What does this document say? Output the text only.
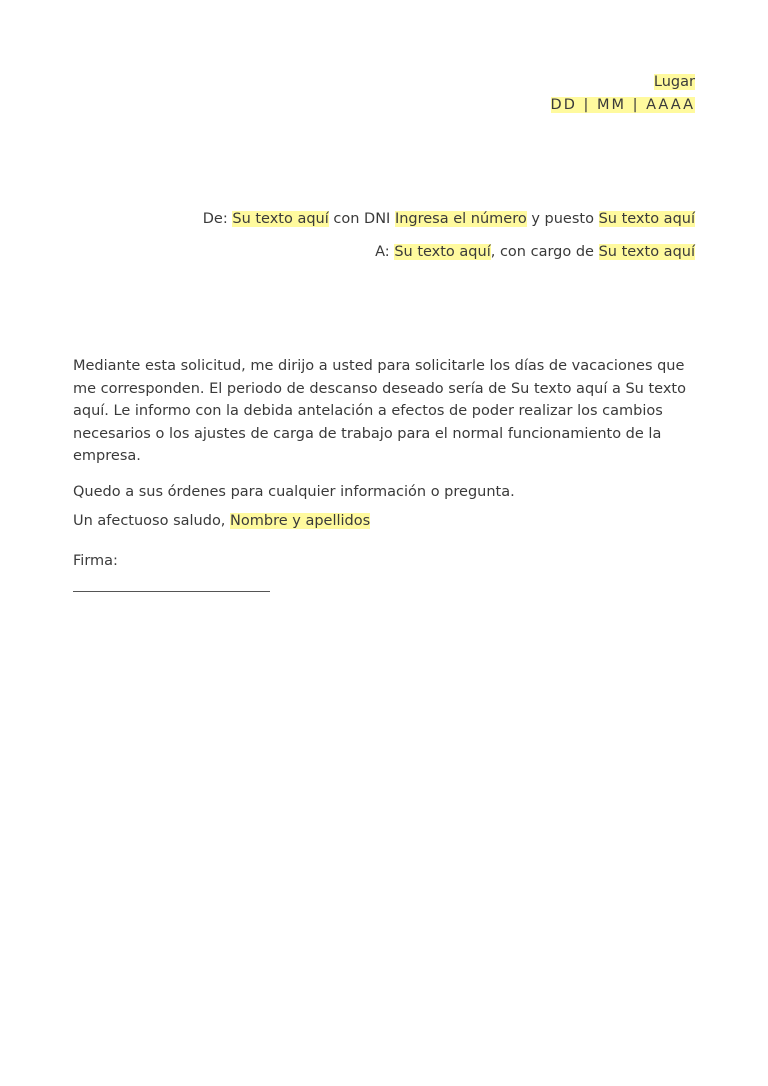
Lugar
DD | MM | AAAA
De: Su texto aquí con DNI Ingresa el número y puesto Su texto aquí
A: Su texto aquí, con cargo de Su texto aquí
Mediante esta solicitud, me dirijo a usted para solicitarle los días de vacaciones que me corresponden. El periodo de descanso deseado sería de Su texto aquí a Su texto aquí. Le informo con la debida antelación a efectos de poder realizar los cambios necesarios o los ajustes de carga de trabajo para el normal funcionamiento de la empresa.
Quedo a sus órdenes para cualquier información o pregunta.
Un afectuoso saludo, Nombre y apellidos
Firma:
